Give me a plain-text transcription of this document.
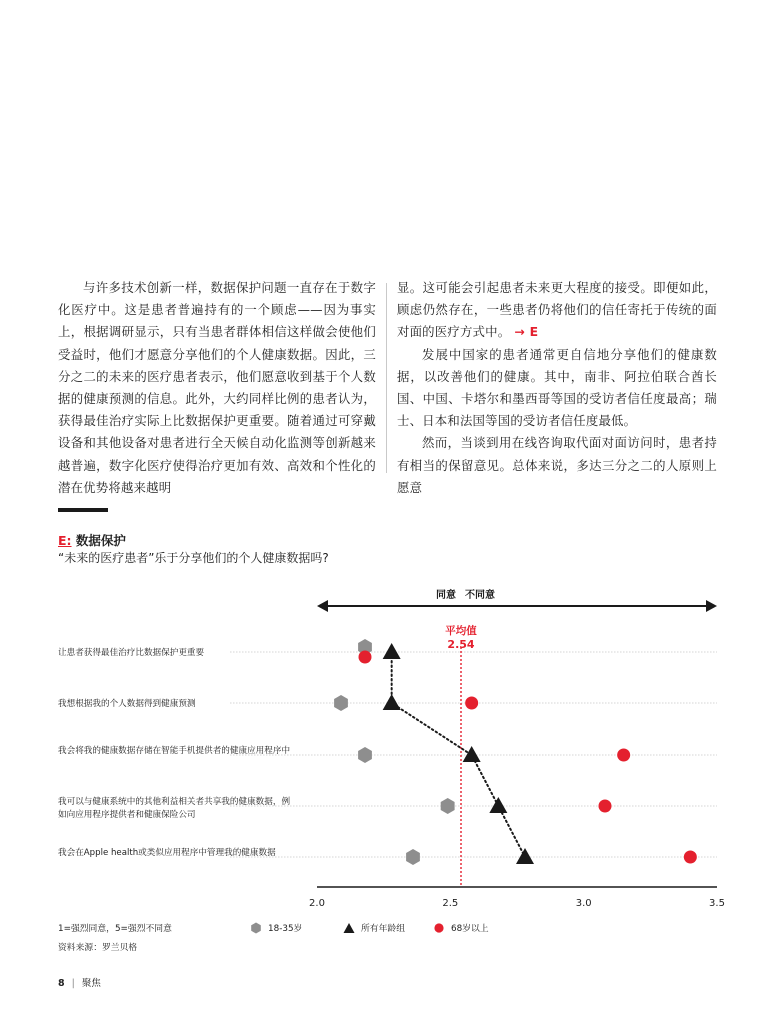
与许多技术创新一样，数据保护问题一直存在于数字化医疗中。这是患者普遍持有的一个顾虑——因为事实上，根据调研显示，只有当患者群体相信这样做会使他们受益时，他们才愿意分享他们的个人健康数据。因此，三分之二的未来的医疗患者表示，他们愿意收到基于个人数据的健康预测的信息。此外，大约同样比例的患者认为，获得最佳治疗实际上比数据保护更重要。随着通过可穿戴设备和其他设备对患者进行全天候自动化监测等创新越来越普遍，数字化医疗使得治疗更加有效、高效和个性化的潜在优势将越来越明

显。这可能会引起患者未来更大程度的接受。即便如此，顾虑仍然存在，一些患者仍将他们的信任寄托于传统的面对面的医疗方式中。 → E

发展中国家的患者通常更自信地分享他们的健康数据，以改善他们的健康。其中，南非、阿拉伯联合酋长国、中国、卡塔尔和墨西哥等国的受访者信任度最高；瑞士、日本和法国等国的受访者信任度最低。

然而，当谈到用在线咨询取代面对面访问时，患者持有相当的保留意见。总体来说，多达三分之二的人原则上愿意

E: 数据保护
“未来的医疗患者”乐于分享他们的个人健康数据吗?
让患者获得最佳治疗比数据保护更重要
我想根据我的个人数据得到健康预测
我会将我的健康数据存储在智能手机提供者的健康应用程序中
我可以与健康系统中的其他利益相关者共享我的健康数据，例如向应用程序提供者和健康保险公司
我会在Apple health或类似应用程序中管理我的健康数据
同意 不同意
平均值
2.54
2.0	2.5	3.0	3.5
1=强烈同意，5=强烈不同意	18-35岁	所有年龄组	68岁以上
资料来源：罗兰贝格
8 | 聚焦
